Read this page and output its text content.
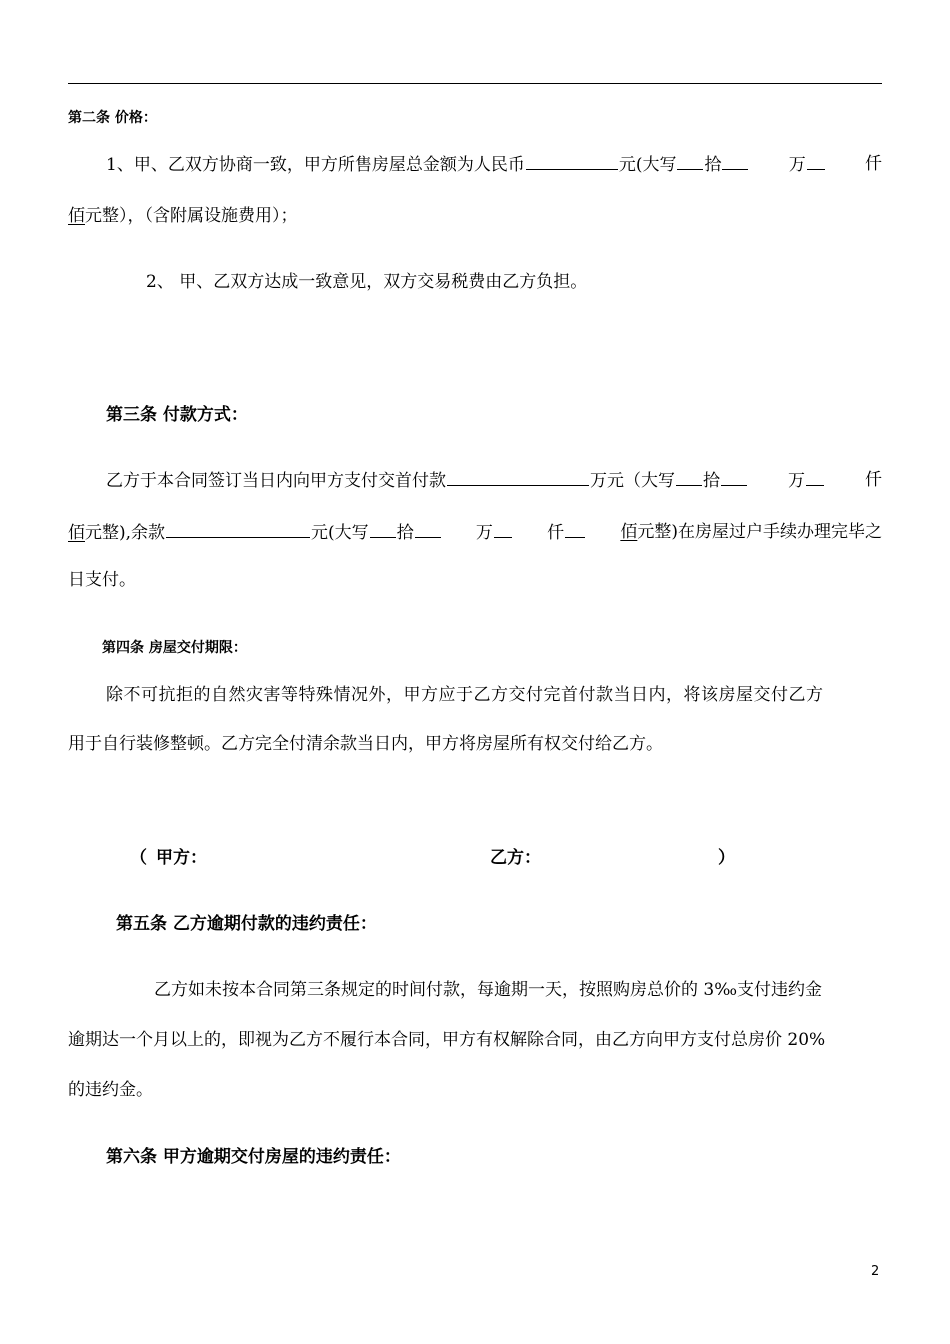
第二条 价格：
1、甲、乙双方协商一致，甲方所售房屋总金额为人民币	元(大写 拾	万	仟
佰元整），（含附属设施费用）；
2、 甲、乙双方达成一致意见，双方交易税费由乙方负担。
第三条 付款方式：
乙方于本合同签订当日内向甲方支付交首付款	万元（大写 拾	万	仟
佰元整),余款	元(大写 拾	万	仟	佰元整)在房屋过户手续办理完毕之
日支付。
第四条 房屋交付期限：
除不可抗拒的自然灾害等特殊情况外，甲方应于乙方交付完首付款当日内，将该房屋交付乙方
用于自行装修整顿。乙方完全付清余款当日内，甲方将房屋所有权交付给乙方。
（ 甲方：	乙方：	）
第五条 乙方逾期付款的违约责任：
乙方如未按本合同第三条规定的时间付款，每逾期一天，按照购房总价的 3‰支付违约金
逾期达一个月以上的，即视为乙方不履行本合同，甲方有权解除合同，由乙方向甲方支付总房价 20%
的违约金。
第六条 甲方逾期交付房屋的违约责任：
2
